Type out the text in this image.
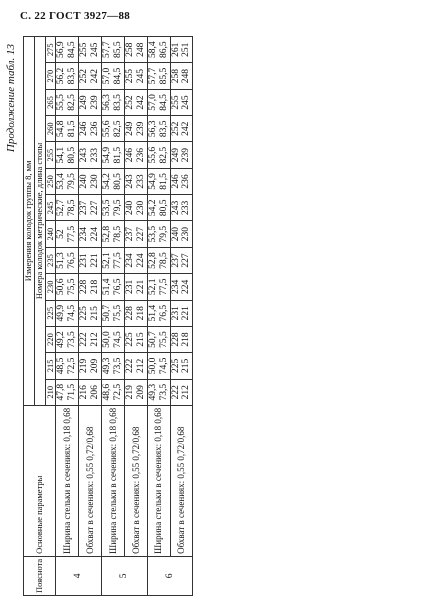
С. 22 ГОСТ 3927—88
Продолжение табл. 13
Пояснота	Основные параметры	Измерения колодок группы 8, мм													
		Номера колодок метрические, длина стопы													
		210	215	220	225	230	235	240	245	250	255	260	265	270	275
4	Ширина стельки в сечениях: 0,18 0,68	47,8 71,5	48,5 72,5	49,2 73,5	49,9 74,5	50,6 75,5	51,3 76,5	52 77,5	52,7 78,5	53,4 79,5	54,1 80,5	54,8 81,5	55,5 82,5	56,2 83,5	56,9 84,5

	Обхват в сечениях: 0,55 0,72/0,68	216 206	219 209	222 212	225 215	228 218	231 221	234 224	237 227	240 230	243 233	246 236	249 239	252 242	255 245

5	Ширина стельки в сечениях: 0,18 0,68	48,6 72,5	49,3 73,5	50,0 74,5	50,7 75,5	51,4 76,5	52,1 77,5	52,8 78,5	53,5 79,5	54,2 80,5	54,9 81,5	55,6 82,5	56,3 83,5	57,0 84,5	57,7 85,5

	Обхват в сечениях: 0,55 0,72/0,68	219 209	222 212	225 215	228 218	231 221	234 224	237 227	240 230	243 233	246 236	249 239	252 242	255 245	258 248

6	Ширина стельки в сечениях: 0,18 0,68	49,3 73,5	50,0 74,5	50,7 75,5	51,4 76,5	52,1 77,5	52,8 78,5	53,5 79,5	54,2 80,5	54,9 81,5	55,6 82,5	56,3 83,5	57,0 84,5	57,7 85,5	58,4 86,5

	Обхват в сечениях: 0,55 0,72/0,68	222 212	225 215	228 218	231 221	234 224	237 227	240 230	243 233	246 236	249 239	252 242	255 245	258 248	261 251
